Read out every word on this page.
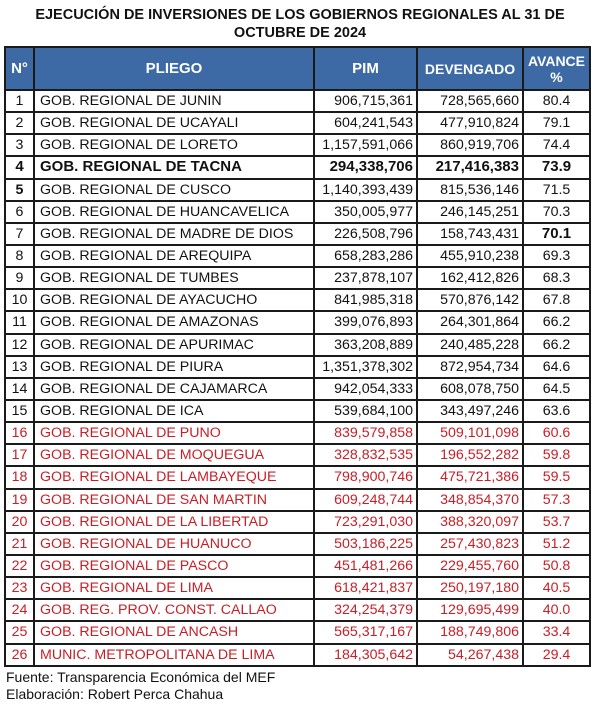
EJECUCIÓN DE INVERSIONES DE LOS GOBIERNOS REGIONALES AL 31 DE
OCTUBRE DE 2024
N°	PLIEGO	PIM	DEVENGADO	AVANCE
%

1	GOB. REGIONAL DE JUNIN	906,715,361	728,565,660	80.4
2	GOB. REGIONAL DE UCAYALI	604,241,543	477,910,824	79.1
3	GOB. REGIONAL DE LORETO	1,157,591,066	860,919,706	74.4
4	GOB. REGIONAL DE TACNA	294,338,706	217,416,383	73.9
5	GOB. REGIONAL DE CUSCO	1,140,393,439	815,536,146	71.5
6	GOB. REGIONAL DE HUANCAVELICA	350,005,977	246,145,251	70.3
7	GOB. REGIONAL DE MADRE DE DIOS	226,508,796	158,743,431	70.1
8	GOB. REGIONAL DE AREQUIPA	658,283,286	455,910,238	69.3
9	GOB. REGIONAL DE TUMBES	237,878,107	162,412,826	68.3
10	GOB. REGIONAL DE AYACUCHO	841,985,318	570,876,142	67.8
11	GOB. REGIONAL DE AMAZONAS	399,076,893	264,301,864	66.2
12	GOB. REGIONAL DE APURIMAC	363,208,889	240,485,228	66.2
13	GOB. REGIONAL DE PIURA	1,351,378,302	872,954,734	64.6
14	GOB. REGIONAL DE CAJAMARCA	942,054,333	608,078,750	64.5
15	GOB. REGIONAL DE ICA	539,684,100	343,497,246	63.6
16	GOB. REGIONAL DE PUNO	839,579,858	509,101,098	60.6
17	GOB. REGIONAL DE MOQUEGUA	328,832,535	196,552,282	59.8
18	GOB. REGIONAL DE LAMBAYEQUE	798,900,746	475,721,386	59.5
19	GOB. REGIONAL DE SAN MARTIN	609,248,744	348,854,370	57.3
20	GOB. REGIONAL DE LA LIBERTAD	723,291,030	388,320,097	53.7
21	GOB. REGIONAL DE HUANUCO	503,186,225	257,430,823	51.2
22	GOB. REGIONAL DE PASCO	451,481,266	229,455,760	50.8
23	GOB. REGIONAL DE LIMA	618,421,837	250,197,180	40.5
24	GOB. REG. PROV. CONST. CALLAO	324,254,379	129,695,499	40.0
25	GOB. REGIONAL DE ANCASH	565,317,167	188,749,806	33.4
26	MUNIC. METROPOLITANA DE LIMA	184,305,642	54,267,438	29.4
Fuente: Transparencia Económica del MEF
Elaboración: Robert Perca Chahua
